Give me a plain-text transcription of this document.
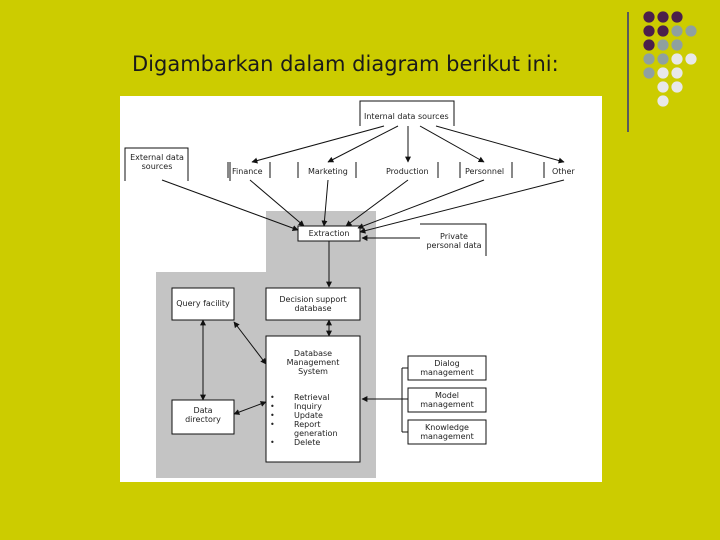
Digambarkan dalam diagram berikut ini:
Internal data sources
External data sources
Finance	Marketing	Production	Personnel	Other
Extraction	Private personal data
Query facility	Decision support database
Database Management System
Data directory
Dialog management
Model management
Knowledge management
• Retrieval
• Inquiry
• Update
• Report generation
• Delete
